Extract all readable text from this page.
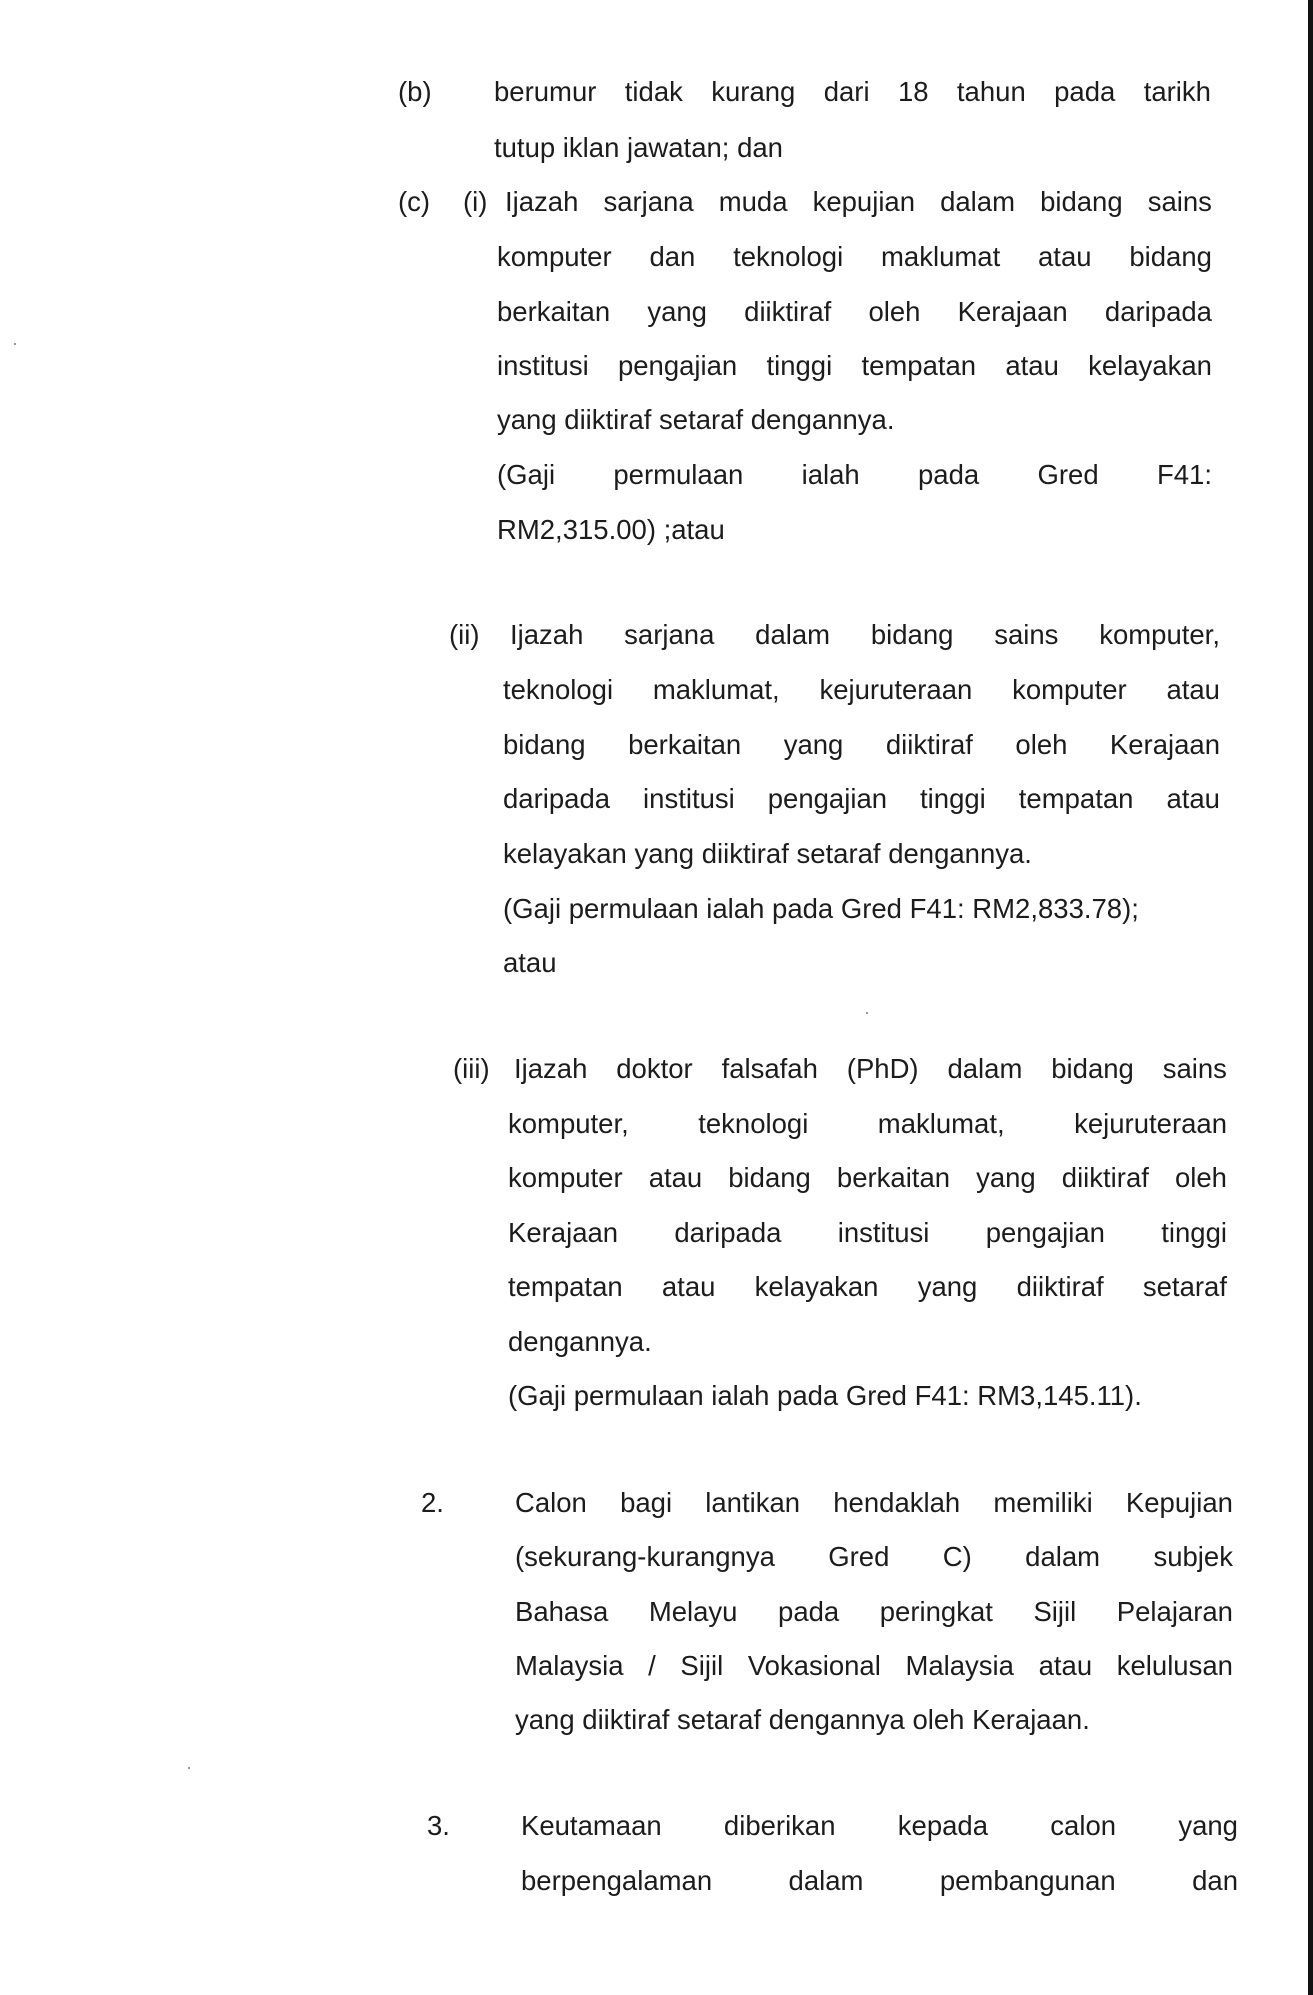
(b) berumur tidak kurang dari 18 tahun pada tarikh
tutup iklan jawatan; dan
(c) (i) Ijazah sarjana muda kepujian dalam bidang sains
komputer dan teknologi maklumat atau bidang
berkaitan yang diiktiraf oleh Kerajaan daripada
institusi pengajian tinggi tempatan atau kelayakan
yang diiktiraf setaraf dengannya.
(Gaji permulaan ialah pada Gred F41:
RM2,315.00) ;atau
(ii) Ijazah sarjana dalam bidang sains komputer,
teknologi maklumat, kejuruteraan komputer atau
bidang berkaitan yang diiktiraf oleh Kerajaan
daripada institusi pengajian tinggi tempatan atau
kelayakan yang diiktiraf setaraf dengannya.
(Gaji permulaan ialah pada Gred F41: RM2,833.78);
atau
(iii) Ijazah doktor falsafah (PhD) dalam bidang sains
komputer,	teknologi	maklumat,	kejuruteraan
komputer atau bidang berkaitan yang diiktiraf oleh
Kerajaan daripada institusi pengajian tinggi
tempatan atau kelayakan yang diiktiraf setaraf
dengannya.
(Gaji permulaan ialah pada Gred F41: RM3,145.11).
2.	Calon bagi lantikan hendaklah memiliki Kepujian
(sekurang-kurangnya Gred C) dalam subjek
Bahasa Melayu pada peringkat Sijil Pelajaran
Malaysia / Sijil Vokasional Malaysia atau kelulusan
yang diiktiraf setaraf dengannya oleh Kerajaan.
3.	Keutamaan diberikan kepada calon yang
berpengalaman	dalam	pembangunan	dan
